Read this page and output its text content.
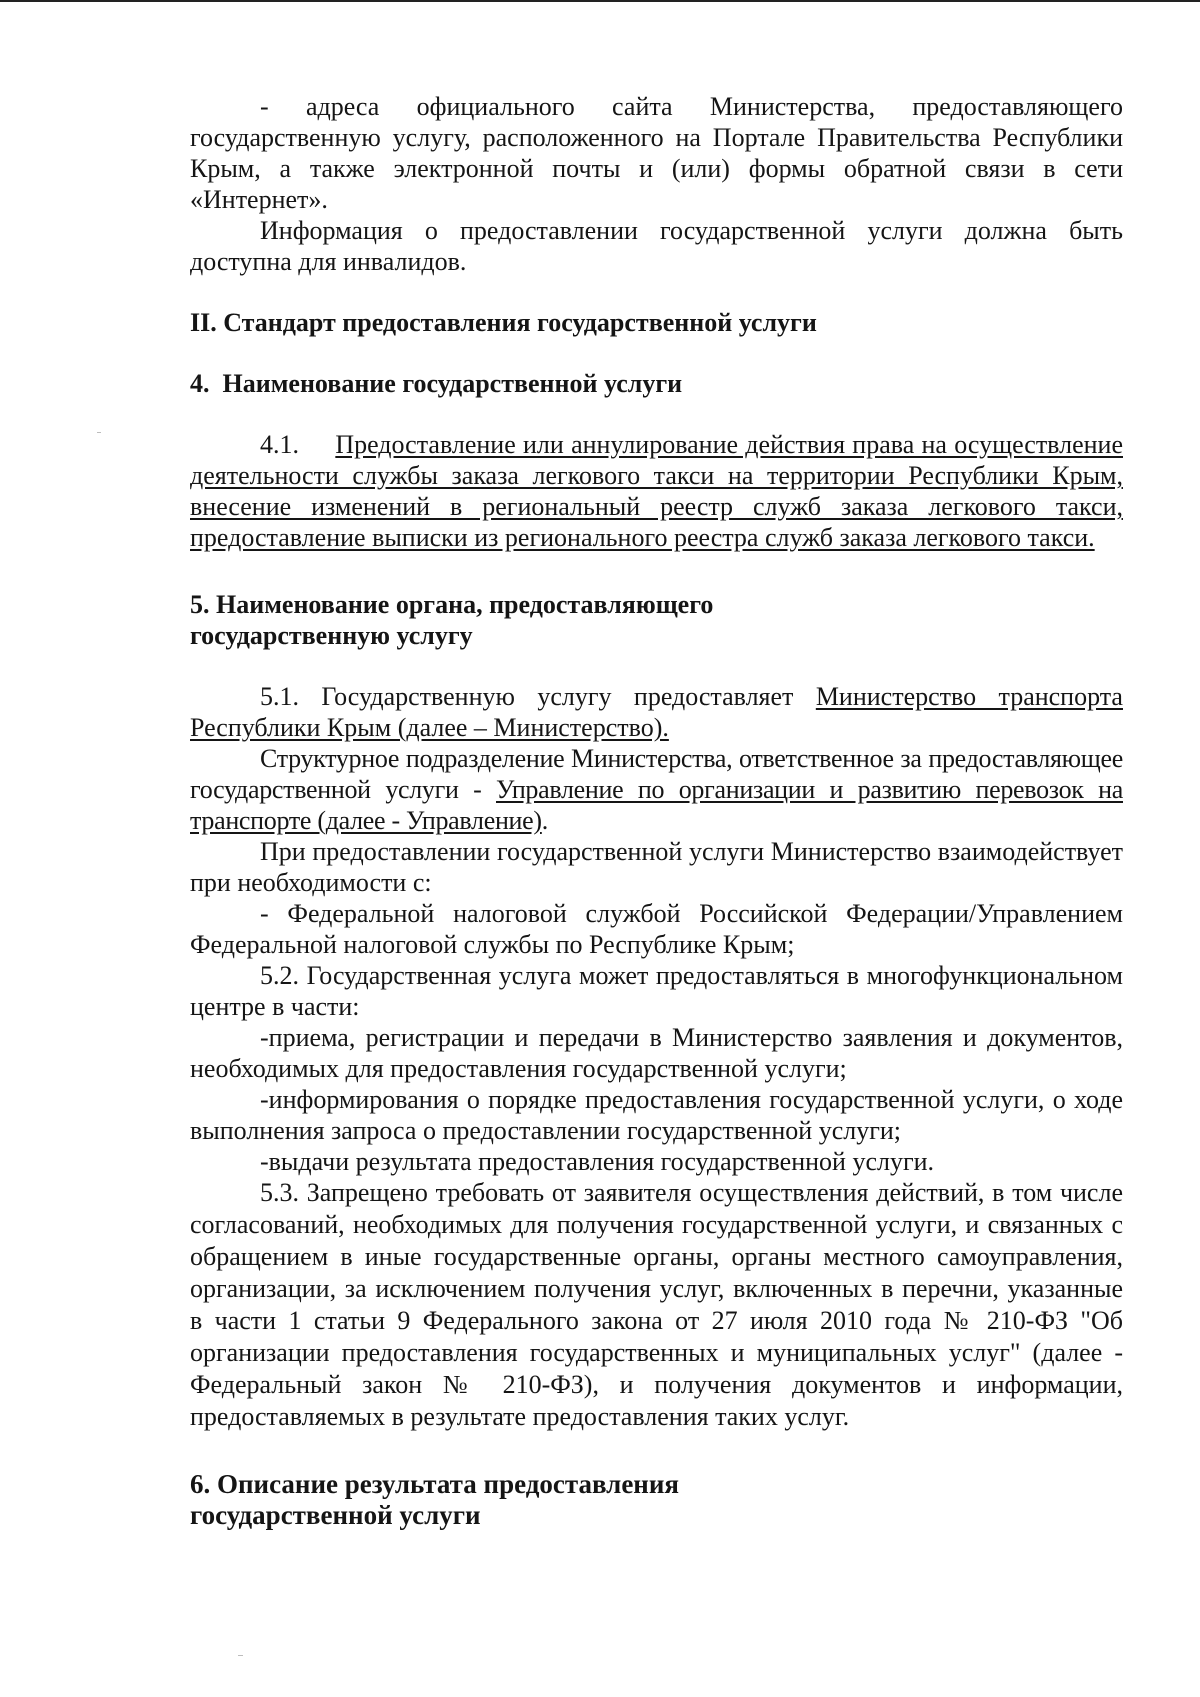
- адреса официального сайта Министерства, предоставляющего государственную услугу, расположенного на Портале Правительства Республики Крым, а также электронной почты и (или) формы обратной связи в сети «Интернет».

Информация о предоставлении государственной услуги должна быть доступна для инвалидов.

II. Стандарт предоставления государственной услуги

4.  Наименование государственной услуги

4.1. Предоставление или аннулирование действия права на осуществление деятельности службы заказа легкового такси на территории Республики Крым, внесение изменений в региональный реестр служб заказа легкового такси, предоставление выписки из регионального реестра служб заказа легкового такси.

5. Наименование органа, предоставляющего

государственную услугу

5.1. Государственную услугу предоставляет Министерство транспорта Республики Крым (далее – Министерство).

Структурное подразделение Министерства, ответственное за предоставляющее государственной услуги - Управление по организации и развитию перевозок на транспорте (далее - Управление).

При предоставлении государственной услуги Министерство взаимодействует при необходимости с:

- Федеральной налоговой службой Российской Федерации/Управлением Федеральной налоговой службы по Республике Крым;

5.2. Государственная услуга может предоставляться в многофункциональном центре в части:

-приема, регистрации и передачи в Министерство заявления и документов, необходимых для предоставления государственной услуги;

-информирования о порядке предоставления государственной услуги, о ходе выполнения запроса о предоставлении государственной услуги;

-выдачи результата предоставления государственной услуги.

5.3. Запрещено требовать от заявителя осуществления действий, в том числе согласований, необходимых для получения государственной услуги, и связанных с обращением в иные государственные органы, органы местного самоуправления, организации, за исключением получения услуг, включенных в перечни, указанные в части 1 статьи 9 Федерального закона от 27 июля 2010 года № 210-ФЗ "Об организации предоставления государственных и муниципальных услуг" (далее - Федеральный закон № 210-ФЗ), и получения документов и информации, предоставляемых в результате предоставления таких услуг.

6. Описание результата предоставления

государственной услуги
